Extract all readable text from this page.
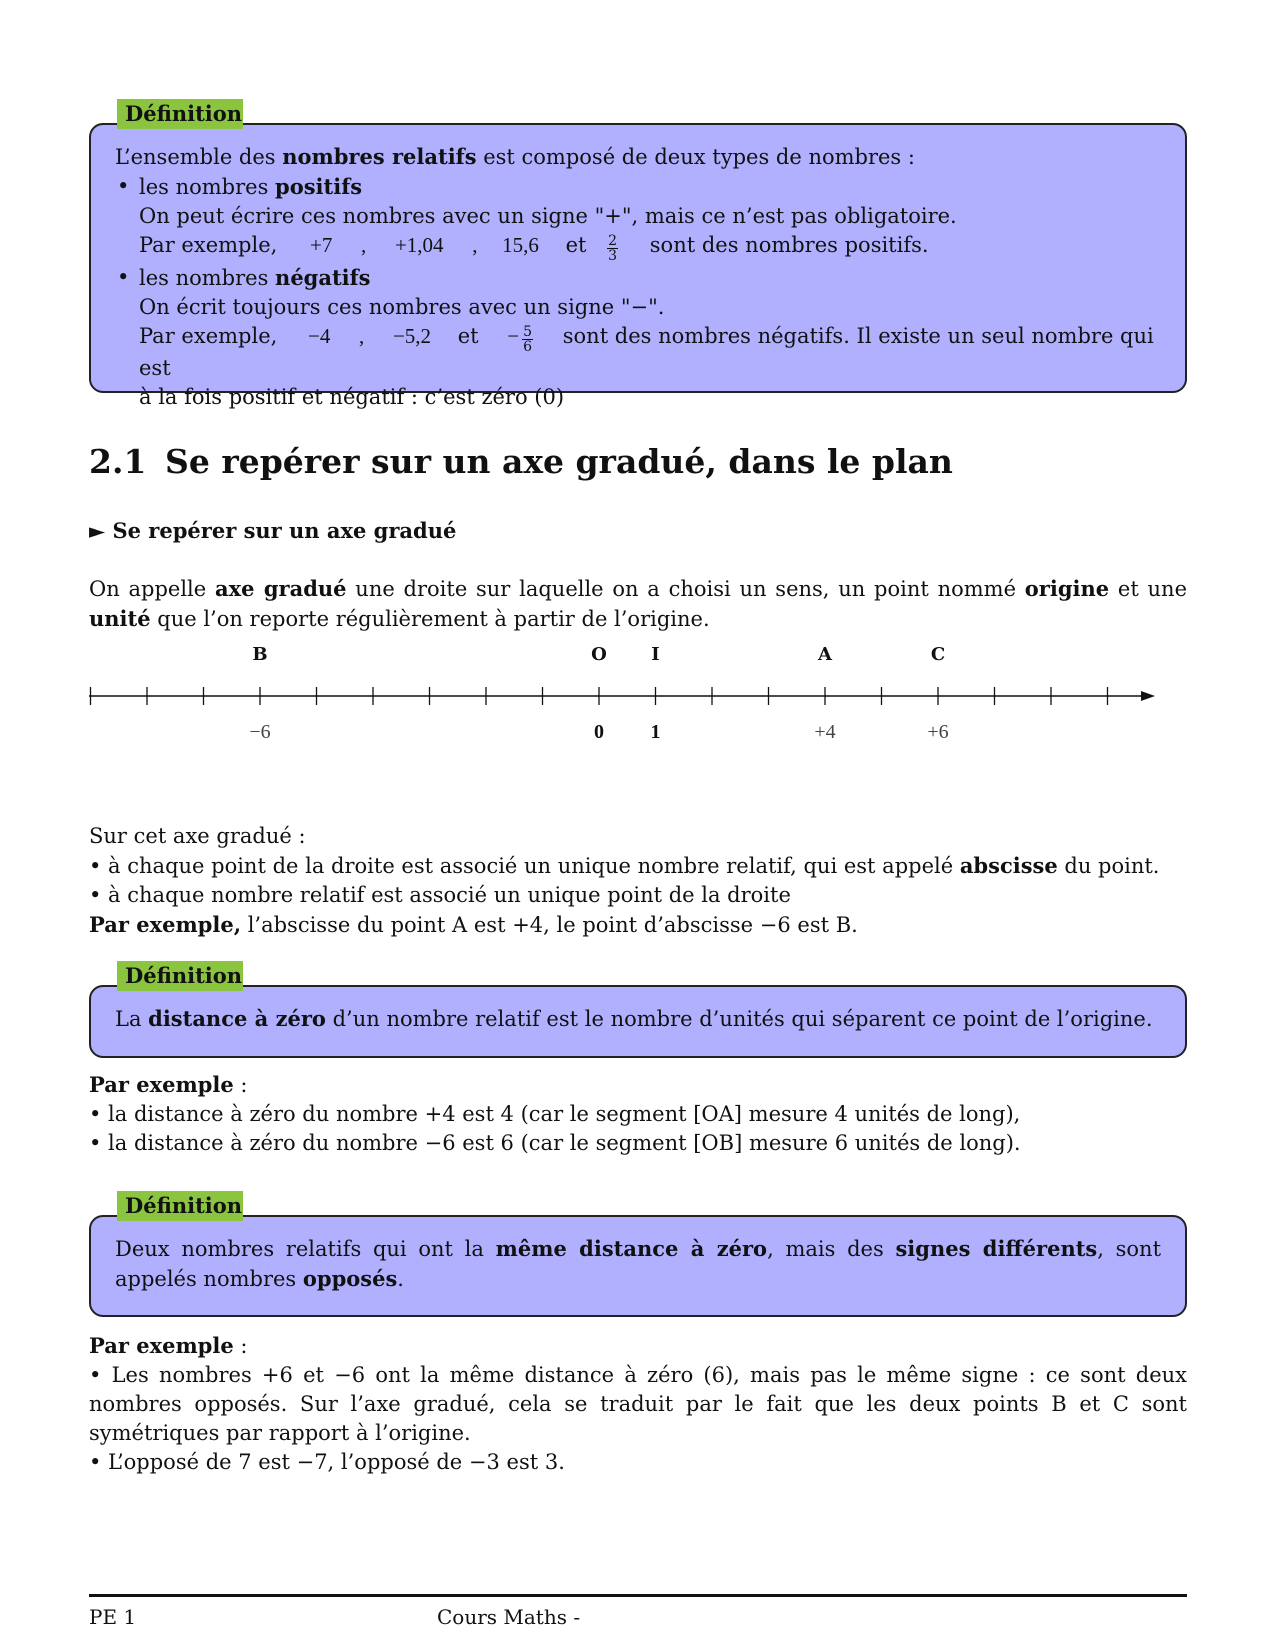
Définition
L’ensemble des nombres relatifs est composé de deux types de nombres :
• les nombres positifs
On peut écrire ces nombres avec un signe "+", mais ce n’est pas obligatoire.
Par exemple, +7 , +1,04 , 15,6 et $\frac{2}{3}$ sont des nombres positifs.
• les nombres négatifs
On écrit toujours ces nombres avec un signe "−".
Par exemple, −4 , −5,2 et − $\frac{5}{6}$ sont des nombres négatifs. Il existe un seul nombre qui est
à la fois positif et négatif : c’est zéro (0)
2.1 Se repérer sur un axe gradué, dans le plan
► Se repérer sur un axe gradué
On appelle axe gradué une droite sur laquelle on a choisi un sens, un point nommé origine et une unité que l’on reporte régulièrement à partir de l’origine.
B	O I	A	C
−6	0 1	+4	+6
Sur cet axe gradué :
• à chaque point de la droite est associé un unique nombre relatif, qui est appelé abscisse du point.
• à chaque nombre relatif est associé un unique point de la droite
Par exemple, l’abscisse du point A est +4, le point d’abscisse −6 est B.
Définition
La distance à zéro d’un nombre relatif est le nombre d’unités qui séparent ce point de l’origine.
Par exemple :
• la distance à zéro du nombre +4 est 4 (car le segment [OA] mesure 4 unités de long),
• la distance à zéro du nombre −6 est 6 (car le segment [OB] mesure 6 unités de long).
Définition
Deux nombres relatifs qui ont la même distance à zéro, mais des signes différents, sont appelés nombres opposés.
Par exemple :
• Les nombres +6 et −6 ont la même distance à zéro (6), mais pas le même signe : ce sont deux nombres opposés. Sur l’axe gradué, cela se traduit par le fait que les deux points B et C sont symétriques par rapport à l’origine.
• L’opposé de 7 est −7, l’opposé de −3 est 3.
PE 1	Cours Maths -
